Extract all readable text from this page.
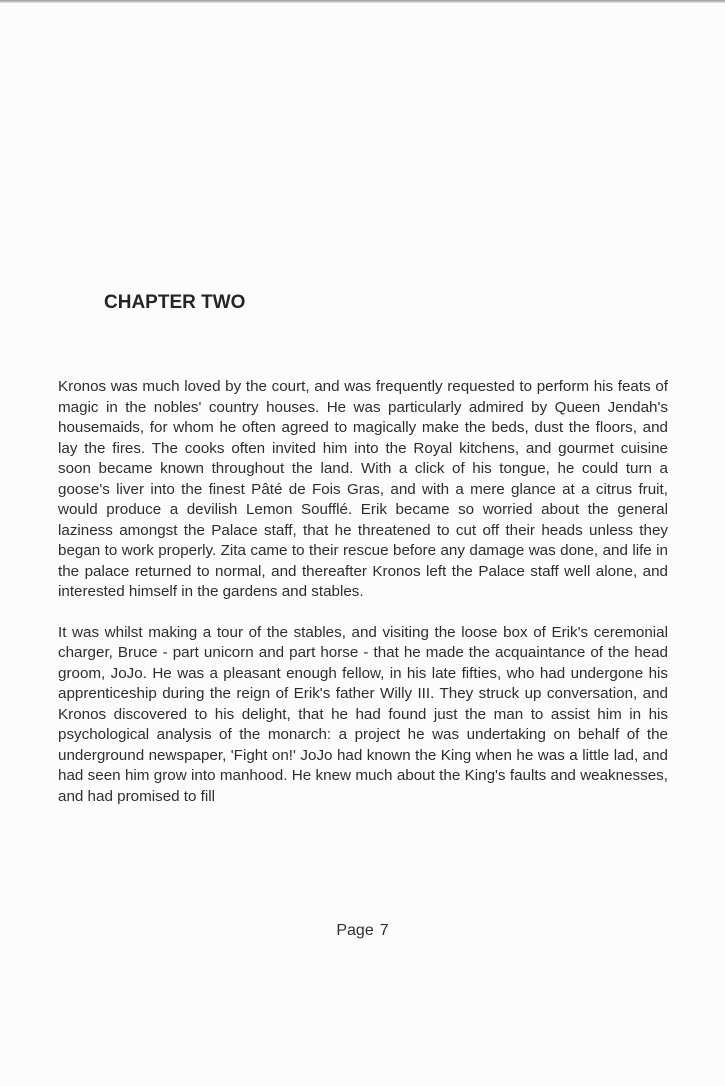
CHAPTER TWO

Kronos was much loved by the court, and was frequently requested to perform his feats of magic in the nobles' country houses. He was particularly admired by Queen Jendah's housemaids, for whom he often agreed to magically make the beds, dust the floors, and lay the fires. The cooks often invited him into the Royal kitchens, and gourmet cuisine soon became known throughout the land. With a click of his tongue, he could turn a goose's liver into the finest Pâté de Fois Gras, and with a mere glance at a citrus fruit, would produce a devilish Lemon Soufflé. Erik became so worried about the general laziness amongst the Palace staff, that he threatened to cut off their heads unless they began to work properly. Zita came to their rescue before any damage was done, and life in the palace returned to normal, and thereafter Kronos left the Palace staff well alone, and interested himself in the gardens and stables.

It was whilst making a tour of the stables, and visiting the loose box of Erik's ceremonial charger, Bruce - part unicorn and part horse - that he made the acquaintance of the head groom, JoJo. He was a pleasant enough fellow, in his late fifties, who had undergone his apprenticeship during the reign of Erik's father Willy III. They struck up conversation, and Kronos discovered to his delight, that he had found just the man to assist him in his psychological analysis of the monarch: a project he was undertaking on behalf of the underground newspaper, 'Fight on!' JoJo had known the King when he was a little lad, and had seen him grow into manhood. He knew much about the King's faults and weaknesses, and had promised to fill

Page 7
